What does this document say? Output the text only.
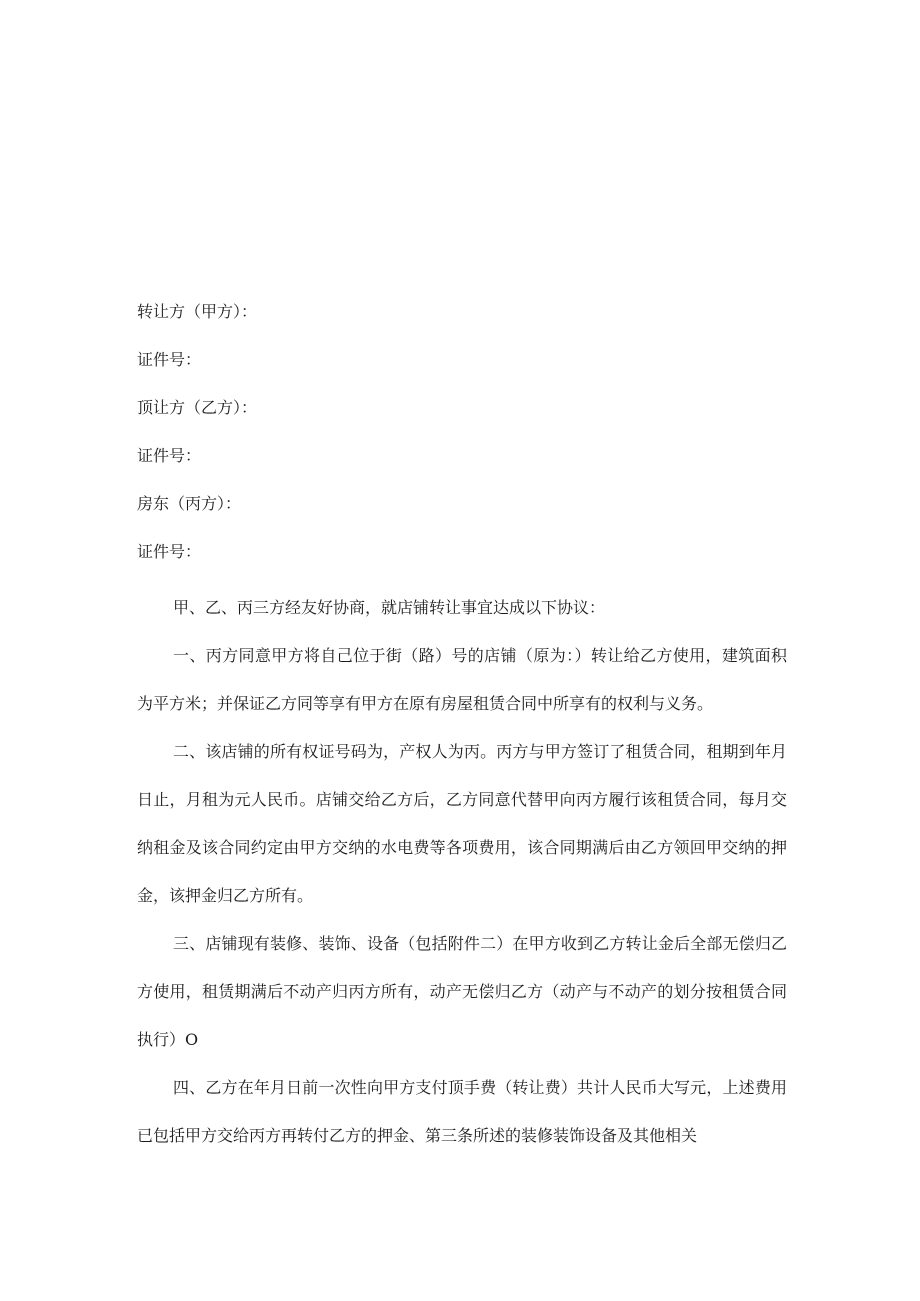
转让方（甲方）：
证件号：
顶让方（乙方）：
证件号：
房东（丙方）：
证件号：

甲、乙、丙三方经友好协商，就店铺转让事宜达成以下协议：

一、丙方同意甲方将自己位于街（路）号的店铺（原为：）转让给乙方使用，建筑面积为平方米；并保证乙方同等享有甲方在原有房屋租赁合同中所享有的权利与义务。

二、该店铺的所有权证号码为，产权人为丙。丙方与甲方签订了租赁合同，租期到年月日止，月租为元人民币。店铺交给乙方后，乙方同意代替甲向丙方履行该租赁合同，每月交纳租金及该合同约定由甲方交纳的水电费等各项费用，该合同期满后由乙方领回甲交纳的押金，该押金归乙方所有。

三、店铺现有装修、装饰、设备（包括附件二）在甲方收到乙方转让金后全部无偿归乙方使用，租赁期满后不动产归丙方所有，动产无偿归乙方（动产与不动产的划分按租赁合同执行）O

四、乙方在年月日前一次性向甲方支付顶手费（转让费）共计人民币大写元，上述费用已包括甲方交给丙方再转付乙方的押金、第三条所述的装修装饰设备及其他相关
